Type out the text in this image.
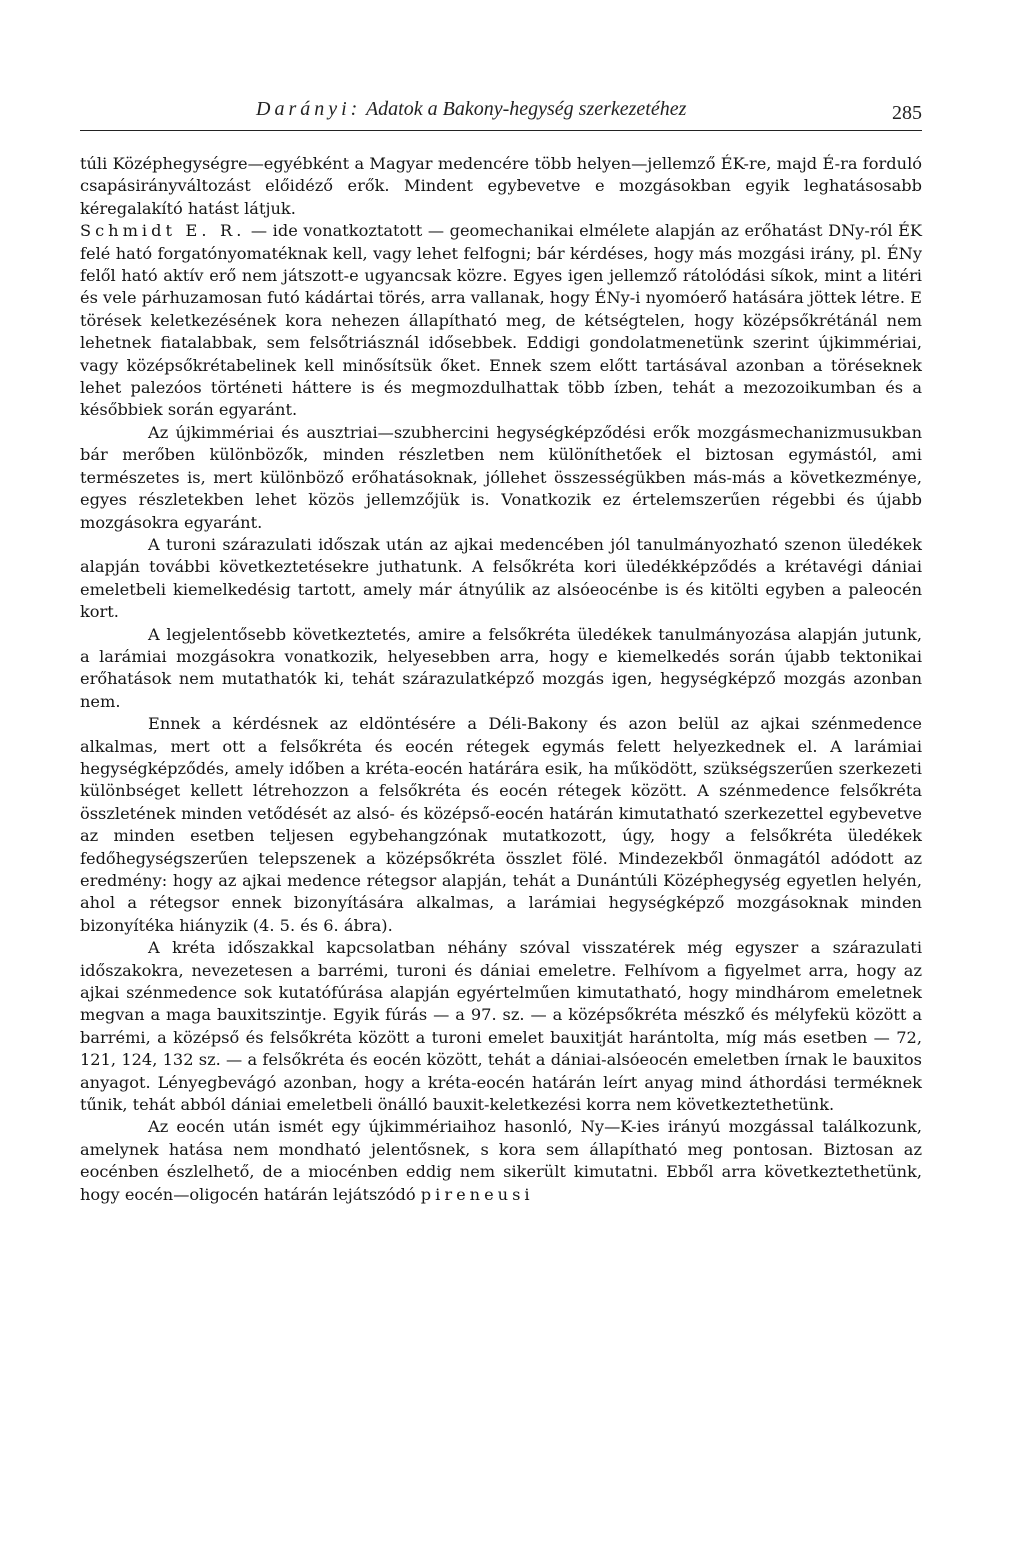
Darányi: Adatok a Bakony-hegység szerkezetéhez	285

túli Középhegységre—egyébként a Magyar medencére több helyen—jellemző ÉK-re, majd É-ra forduló csapásirányváltozást előidéző erők. Mindent egybevetve e mozgásokban egyik leghatásosabb kéregalakító hatást látjuk.

Schmidt E. R. — ide vonatkoztatott — geomechanikai elmélete alapján az erőhatást DNy-ról ÉK felé ható forgatónyomatéknak kell, vagy lehet felfogni; bár kérdéses, hogy más mozgási irány, pl. ÉNy felől ható aktív erő nem játszott-e ugyancsak közre. Egyes igen jellemző rátolódási síkok, mint a litéri és vele párhuzamosan futó kádártai törés, arra vallanak, hogy ÉNy-i nyomóerő hatására jöttek létre. E törések keletkezésének kora nehezen állapítható meg, de kétségtelen, hogy középsőkrétánál nem lehetnek fiatalabbak, sem felsőtriásznál idősebbek. Eddigi gondolatmenetünk szerint újkimmériai, vagy középsőkrétabelinek kell minősítsük őket. Ennek szem előtt tartásával azonban a töréseknek lehet palezóos történeti háttere is és megmozdulhattak több ízben, tehát a mezozoikumban és a későbbiek során egyaránt.

Az újkimmériai és ausztriai—szubhercini hegységképződési erők mozgásmechanizmusukban bár merőben különbözők, minden részletben nem különíthetőek el biztosan egymástól, ami természetes is, mert különböző erőhatásoknak, jóllehet összességükben más-más a következménye, egyes részletekben lehet közös jellemzőjük is. Vonatkozik ez értelemszerűen régebbi és újabb mozgásokra egyaránt.

A turoni szárazulati időszak után az ajkai medencében jól tanulmányozható szenon üledékek alapján további következtetésekre juthatunk. A felsőkréta kori üledékképződés a krétavégi dániai emeletbeli kiemelkedésig tartott, amely már átnyúlik az alsóeocénbe is és kitölti egyben a paleocén kort.

A legjelentősebb következtetés, amire a felsőkréta üledékek tanulmányozása alapján jutunk, a larámiai mozgásokra vonatkozik, helyesebben arra, hogy e kiemelkedés során újabb tektonikai erőhatások nem mutathatók ki, tehát szárazulatképző mozgás igen, hegységképző mozgás azonban nem.

Ennek a kérdésnek az eldöntésére a Déli-Bakony és azon belül az ajkai szénmedence alkalmas, mert ott a felsőkréta és eocén rétegek egymás felett helyezkednek el. A larámiai hegységképződés, amely időben a kréta-eocén határára esik, ha működött, szükségszerűen szerkezeti különbséget kellett létrehozzon a felsőkréta és eocén rétegek között. A szénmedence felsőkréta összletének minden vetődését az alsó- és középső-eocén határán kimutatható szerkezettel egybevetve az minden esetben teljesen egybehangzónak mutatkozott, úgy, hogy a felsőkréta üledékek fedőhegységszerűen telepszenek a középsőkréta összlet fölé. Mindezekből önmagától adódott az eredmény: hogy az ajkai medence rétegsor alapján, tehát a Dunántúli Középhegység egyetlen helyén, ahol a rétegsor ennek bizonyítására alkalmas, a larámiai hegységképző mozgásoknak minden bizonyítéka hiányzik (4. 5. és 6. ábra).

A kréta időszakkal kapcsolatban néhány szóval visszatérek még egyszer a szárazulati időszakokra, nevezetesen a barrémi, turoni és dániai emeletre. Felhívom a figyelmet arra, hogy az ajkai szénmedence sok kutatófúrása alapján egyértelműen kimutatható, hogy mindhárom emeletnek megvan a maga bauxitszintje. Egyik fúrás — a 97. sz. — a középsőkréta mészkő és mélyfekü között a barrémi, a középső és felsőkréta között a turoni emelet bauxitját harántolta, míg más esetben — 72, 121, 124, 132 sz. — a felsőkréta és eocén között, tehát a dániai-alsóeocén emeletben írnak le bauxitos anyagot. Lényegbevágó azonban, hogy a kréta-eocén határán leírt anyag mind áthordási terméknek tűnik, tehát abból dániai emeletbeli önálló bauxit-keletkezési korra nem következtethetünk.

Az eocén után ismét egy újkimmériaihoz hasonló, Ny—K-ies irányú mozgással találkozunk, amelynek hatása nem mondható jelentősnek, s kora sem állapítható meg pontosan. Biztosan az eocénben észlelhető, de a miocénben eddig nem sikerült kimutatni. Ebből arra következtethetünk, hogy eocén—oligocén határán lejátszódó pireneusi
